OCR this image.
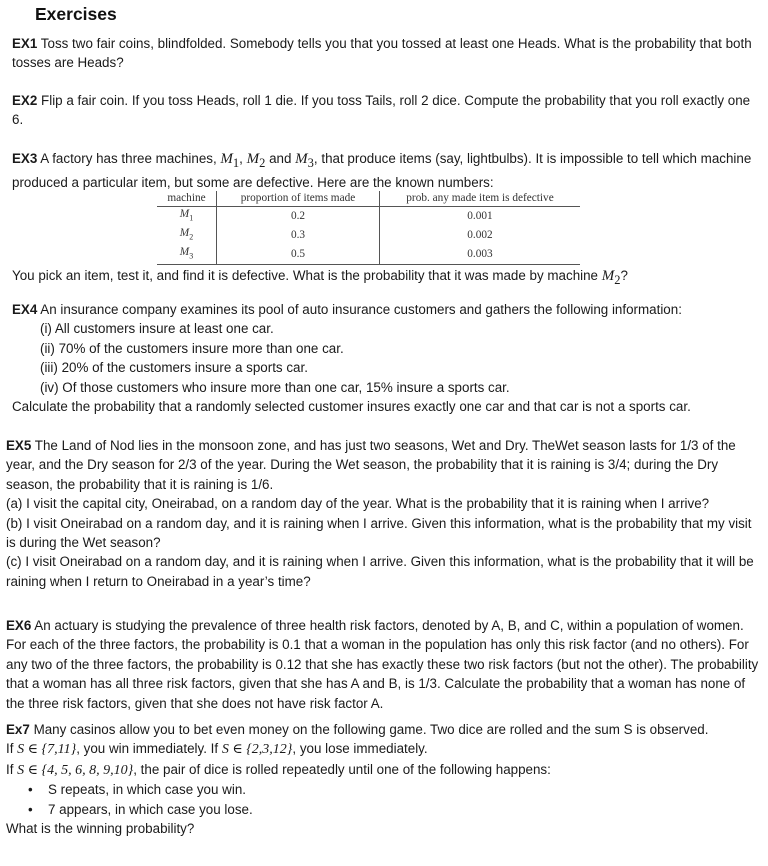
Exercises
EX1 Toss two fair coins, blindfolded. Somebody tells you that you tossed at least one Heads. What is the probability that both tosses are Heads?
EX2 Flip a fair coin. If you toss Heads, roll 1 die. If you toss Tails, roll 2 dice. Compute the probability that you roll exactly one 6.
EX3 A factory has three machines, $M_1$, $M_2$ and $M_3$, that produce items (say, lightbulbs). It is impossible to tell which machine produced a particular item, but some are defective. Here are the known numbers:
machine	proportion of items made	prob. any made item is defective
$M_1$	0.2	0.001
$M_2$	0.3	0.002
$M_3$	0.5	0.003
You pick an item, test it, and find it is defective. What is the probability that it was made by machine $M_2$?
EX4 An insurance company examines its pool of auto insurance customers and gathers the following information:
(i) All customers insure at least one car.
(ii) 70% of the customers insure more than one car.
(iii) 20% of the customers insure a sports car.
(iv) Of those customers who insure more than one car, 15% insure a sports car.
Calculate the probability that a randomly selected customer insures exactly one car and that car is not a sports car.
EX5 The Land of Nod lies in the monsoon zone, and has just two seasons, Wet and Dry. TheWet season lasts for 1/3 of the year, and the Dry season for 2/3 of the year. During the Wet season, the probability that it is raining is 3/4; during the Dry season, the probability that it is raining is 1/6.
(a) I visit the capital city, Oneirabad, on a random day of the year. What is the probability that it is raining when I arrive?
(b) I visit Oneirabad on a random day, and it is raining when I arrive. Given this information, what is the probability that my visit is during the Wet season?
(c) I visit Oneirabad on a random day, and it is raining when I arrive. Given this information, what is the probability that it will be raining when I return to Oneirabad in a year’s time?
EX6 An actuary is studying the prevalence of three health risk factors, denoted by A, B, and C, within a population of women. For each of the three factors, the probability is 0.1 that a woman in the population has only this risk factor (and no others). For any two of the three factors, the probability is 0.12 that she has exactly these two risk factors (but not the other). The probability that a woman has all three risk factors, given that she has A and B, is 1/3. Calculate the probability that a woman has none of the three risk factors, given that she does not have risk factor A.
Ex7 Many casinos allow you to bet even money on the following game. Two dice are rolled and the sum S is observed.
If S ∈ {7,11}, you win immediately. If S ∈ {2,3,12}, you lose immediately.
If S ∈ {4, 5, 6, 8, 9,10}, the pair of dice is rolled repeatedly until one of the following happens:
• S repeats, in which case you win.
• 7 appears, in which case you lose.
What is the winning probability?
